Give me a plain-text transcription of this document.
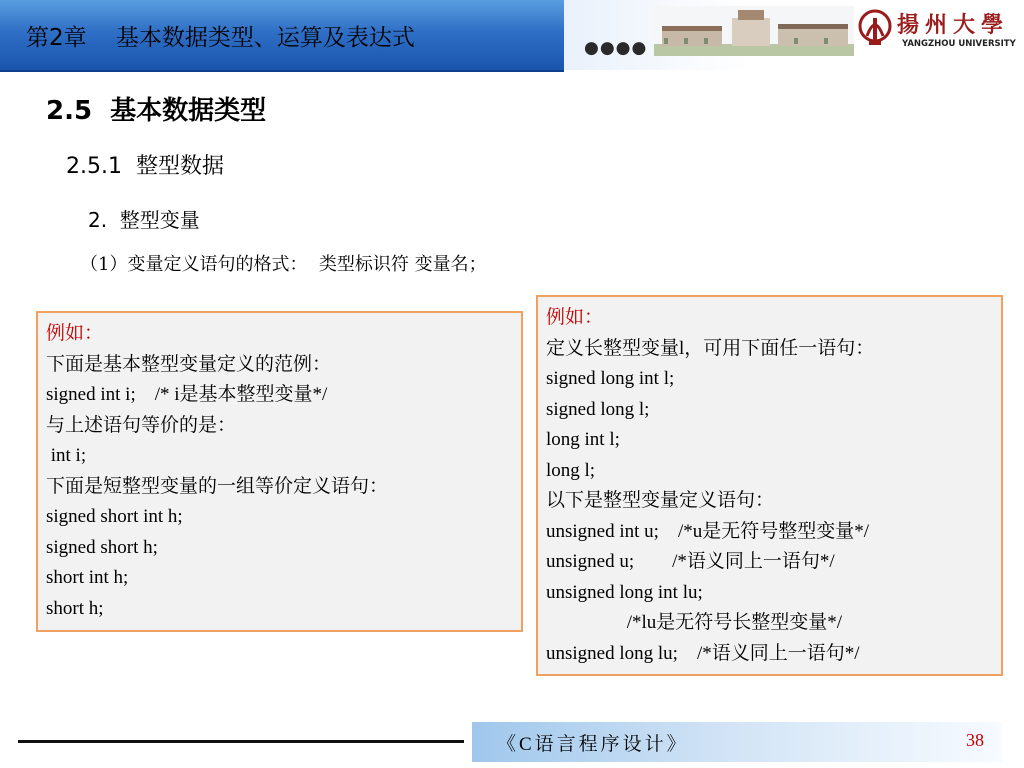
第2章    基本数据类型、运算及表达式	●●●●
揚州大學
YANGZHOU UNIVERSITY
2.5  基本数据类型
2.5.1  整型数据
2.  整型变量
（1）变量定义语句的格式：  类型标识符 变量名；
例如：
下面是基本整型变量定义的范例：
signed int i;    /* i是基本整型变量*/
与上述语句等价的是：
int i;
下面是短整型变量的一组等价定义语句：
signed short int h;
signed short h;
short int h;
short h;
例如：
定义长整型变量l，可用下面任一语句：
signed long int l;
signed long l;
long int l;
long l;
以下是整型变量定义语句：
unsigned int u;    /*u是无符号整型变量*/
unsigned u;        /*语义同上一语句*/
unsigned long int lu;
/*lu是无符号长整型变量*/
unsigned long lu;    /*语义同上一语句*/
《C语言程序设计》	38
